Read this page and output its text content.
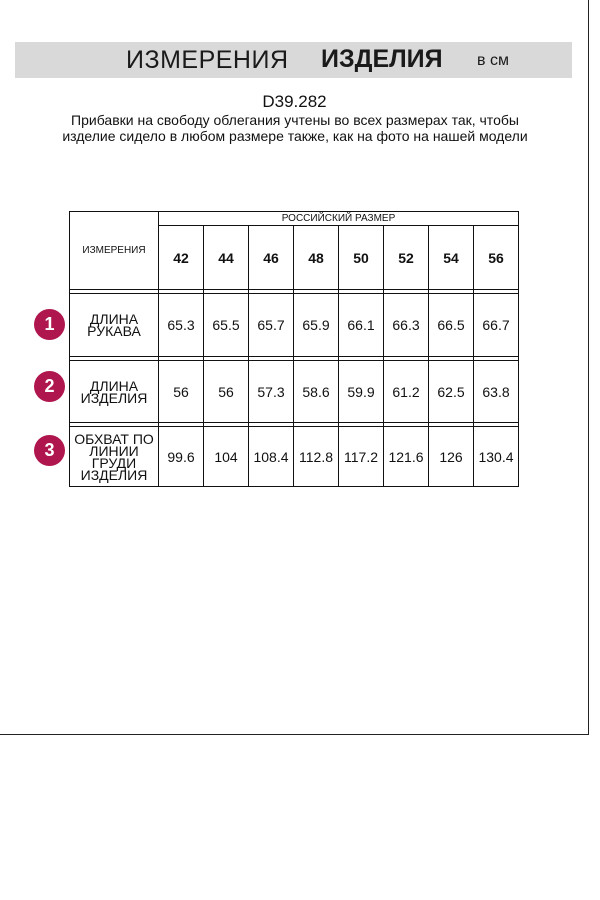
ИЗМЕРЕНИЯ ИЗДЕЛИЯ в см
D39.282
Прибавки на свободу облегания учтены во всех размерах так, чтобы изделие сидело в любом размере также, как на фото на нашей модели
ИЗМЕРЕНИЯ	РОССИЙСКИЙ РАЗМЕР							
	42	44	46	48	50	52	54	56

ДЛИНА РУКАВА	65.3	65.5	65.7	65.9	66.1	66.3	66.5	66.7

ДЛИНА ИЗДЕЛИЯ	56	56	57.3	58.6	59.9	61.2	62.5	63.8

ОБХВАТ ПО ЛИНИИ ГРУДИ ИЗДЕЛИЯ	99.6	104	108.4	112.8	117.2	121.6	126	130.4
1
2
3
